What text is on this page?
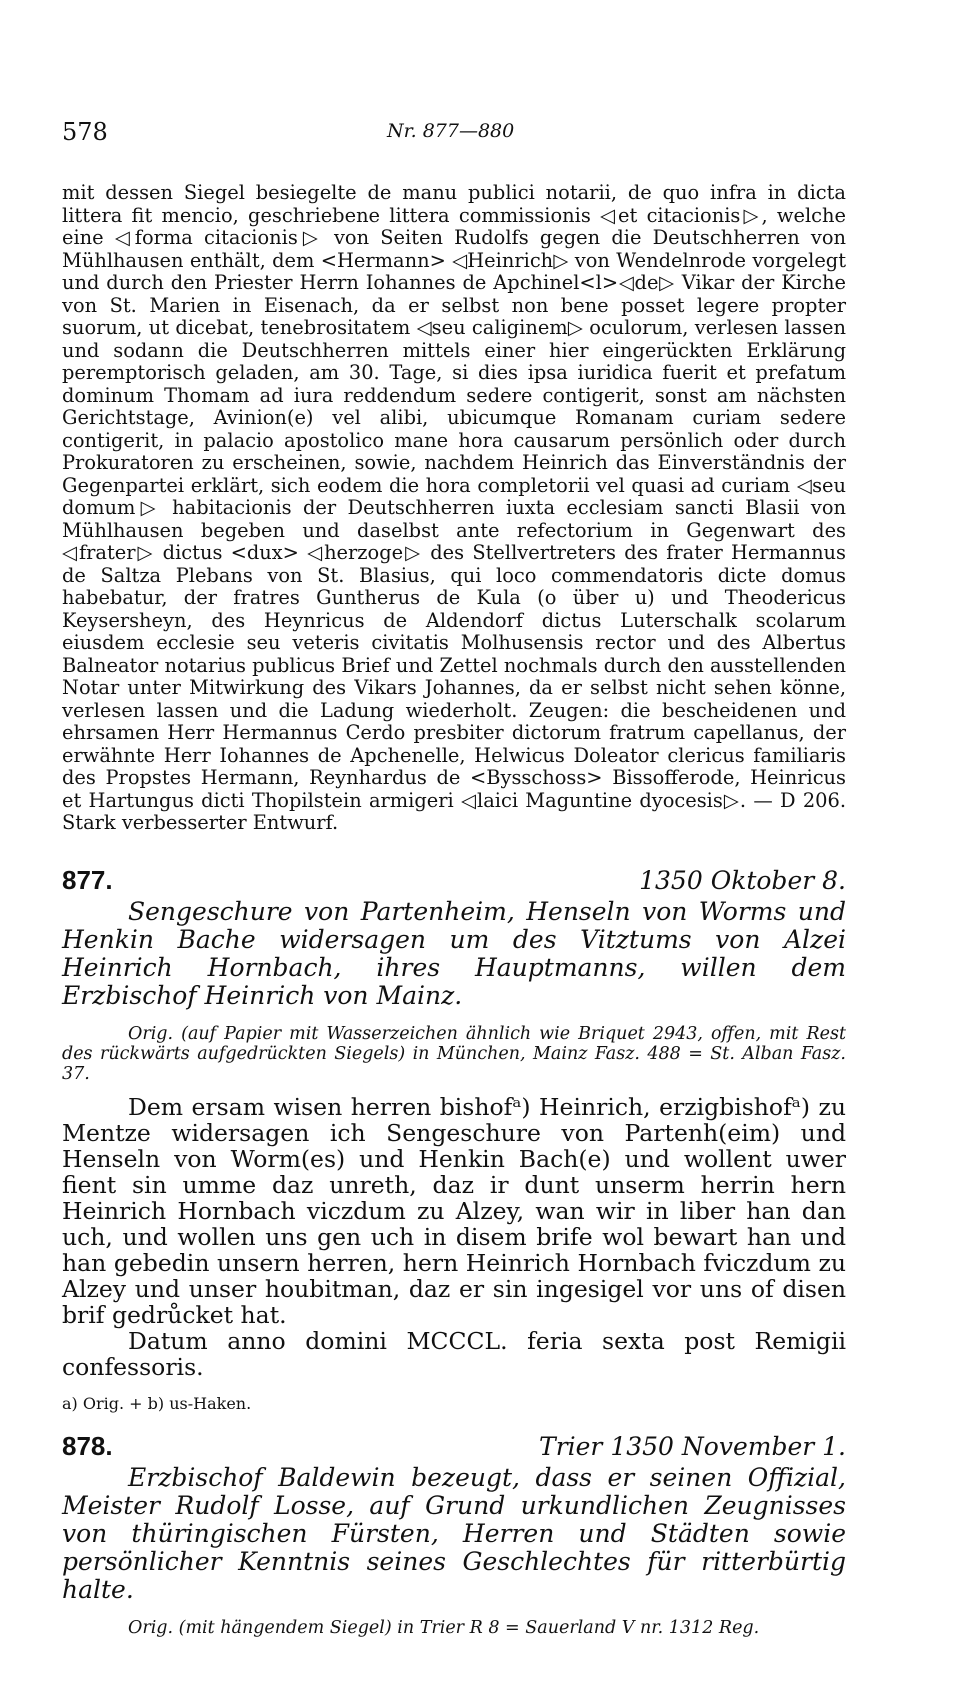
578	Nr. 877—880

mit dessen Siegel besiegelte de manu publici notarii, de quo infra in dicta littera fit mencio, geschriebene littera commissionis ◁et citacionis▷, welche eine ◁forma citacionis▷ von Seiten Rudolfs gegen die Deutschherren von Mühlhausen enthält, dem <Hermann> ◁Heinrich▷ von Wendelnrode vorgelegt und durch den Priester Herrn Iohannes de Apchinel<l>◁de▷ Vikar der Kirche von St. Marien in Eisenach, da er selbst non bene posset legere propter suorum, ut dicebat, tenebrositatem ◁seu caliginem▷ oculorum, verlesen lassen und sodann die Deutschherren mittels einer hier eingerückten Erklärung peremptorisch geladen, am 30. Tage, si dies ipsa iuridica fuerit et prefatum dominum Thomam ad iura reddendum sedere contigerit, sonst am nächsten Gerichtstage, Avinion(e) vel alibi, ubicumque Romanam curiam sedere contigerit, in palacio apostolico mane hora causarum persönlich oder durch Prokuratoren zu erscheinen, sowie, nachdem Heinrich das Einverständnis der Gegenpartei erklärt, sich eodem die hora completorii vel quasi ad curiam ◁seu domum▷ habitacionis der Deutschherren iuxta ecclesiam sancti Blasii von Mühlhausen begeben und daselbst ante refectorium in Gegenwart des ◁frater▷ dictus <dux> ◁herzoge▷ des Stellvertreters des frater Hermannus de Saltza Plebans von St. Blasius, qui loco commendatoris dicte domus habebatur, der fratres Guntherus de Kula (o über u) und Theodericus Keysersheyn, des Heynricus de Aldendorf dictus Luterschalk scolarum eiusdem ecclesie seu veteris civitatis Molhusensis rector und des Albertus Balneator notarius publicus Brief und Zettel nochmals durch den ausstellenden Notar unter Mitwirkung des Vikars Johannes, da er selbst nicht sehen könne, verlesen lassen und die Ladung wiederholt. Zeugen: die bescheidenen und ehrsamen Herr Hermannus Cerdo presbiter dictorum fratrum capellanus, der erwähnte Herr Iohannes de Apchenelle, Helwicus Doleator clericus familiaris des Propstes Hermann, Reynhardus de <Bysschoss> Bissofferode, Heinricus et Hartungus dicti Thopilstein armigeri ◁laici Maguntine dyocesis▷. — D 206. Stark verbesserter Entwurf.

877.	1350 Oktober 8.

Sengeschure von Partenheim, Henseln von Worms und Henkin Bache widersagen um des Vitztums von Alzei Heinrich Hornbach, ihres Hauptmanns, willen dem Erzbischof Heinrich von Mainz.

Orig. (auf Papier mit Wasserzeichen ähnlich wie Briquet 2943, offen, mit Rest des rückwärts aufgedrückten Siegels) in München, Mainz Fasz. 488 = St. Alban Fasz. 37.

Dem ersam wisen herren bishofᵃ) Heinrich, erzigbishofᵃ) zu Mentze widersagen ich Sengeschure von Partenh(eim) und Henseln von Worm(es) und Henkin Bach(e) und wollent uwer fient sin umme daz unreth, daz ir dunt unserm herrin hern Heinrich Hornbach viczdum zu Alzey, wan wir in liber han dan uch, und wollen uns gen uch in disem brife wol bewart han und han gebedin unsern herren, hern Heinrich Hornbach fviczdum zu Alzey und unser houbitman, daz er sin ingesigel vor uns of disen brif gedrůcket hat.

Datum anno domini MCCCL. feria sexta post Remigii confessoris.

a) Orig. + b) us-Haken.
878.	Trier 1350 November 1.

Erzbischof Baldewin bezeugt, dass er seinen Offizial, Meister Rudolf Losse, auf Grund urkundlichen Zeugnisses von thüringischen Fürsten, Herren und Städten sowie persönlicher Kenntnis seines Geschlechtes für ritterbürtig halte.

Orig. (mit hängendem Siegel) in Trier R 8 = Sauerland V nr. 1312 Reg.
